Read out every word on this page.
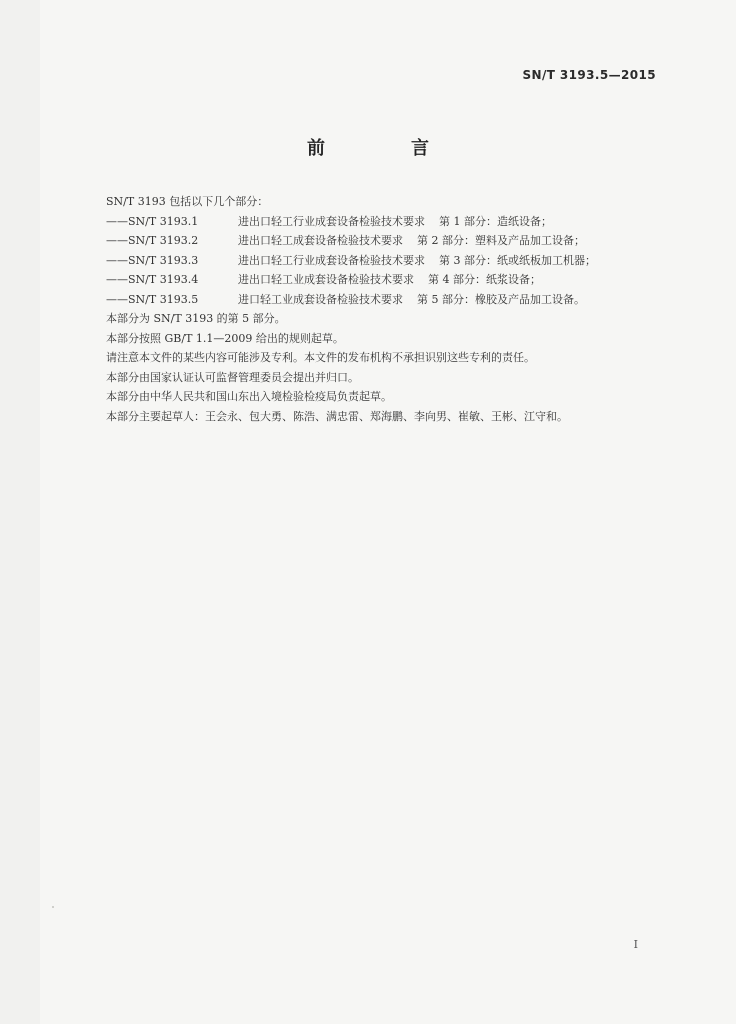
SN/T 3193.5—2015
前　言
SN/T 3193 包括以下几个部分：
——SN/T 3193.1	进出口轻工行业成套设备检验技术要求 第 1 部分：造纸设备；
——SN/T 3193.2	进出口轻工成套设备检验技术要求 第 2 部分：塑料及产品加工设备；
——SN/T 3193.3	进出口轻工行业成套设备检验技术要求 第 3 部分：纸或纸板加工机器；
——SN/T 3193.4	进出口轻工业成套设备检验技术要求 第 4 部分：纸浆设备；
——SN/T 3193.5	进口轻工业成套设备检验技术要求 第 5 部分：橡胶及产品加工设备。
本部分为 SN/T 3193 的第 5 部分。
本部分按照 GB/T 1.1—2009 给出的规则起草。
请注意本文件的某些内容可能涉及专利。本文件的发布机构不承担识别这些专利的责任。
本部分由国家认证认可监督管理委员会提出并归口。
本部分由中华人民共和国山东出入境检验检疫局负责起草。
本部分主要起草人：王会永、包大勇、陈浩、满忠雷、郑海鹏、李向男、崔敏、王彬、江守和。
I
